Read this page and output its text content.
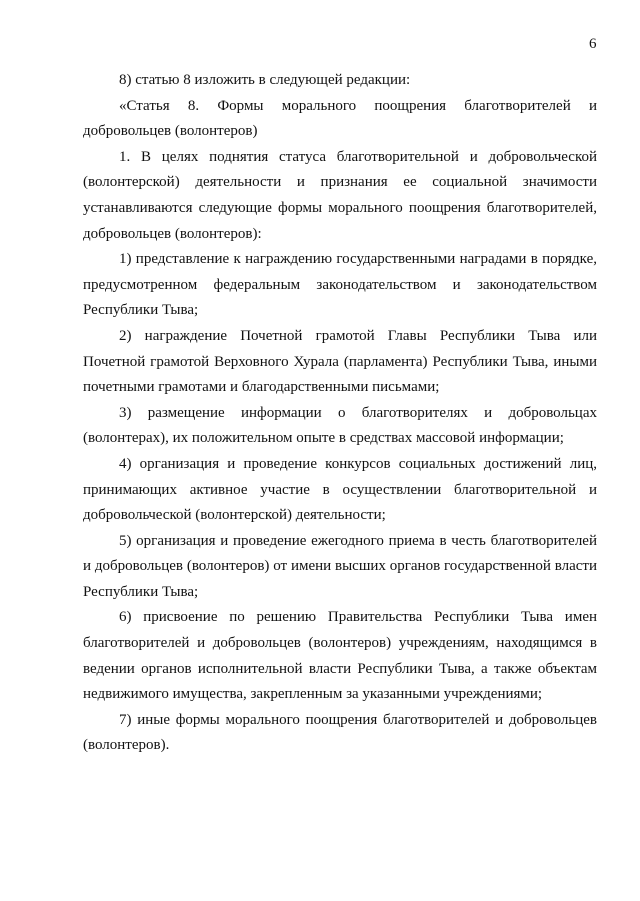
6

8) статью 8 изложить в следующей редакции:

«Статья 8. Формы морального поощрения благотворителей и добровольцев (волонтеров)

1. В целях поднятия статуса благотворительной и добровольческой (волонтерской) деятельности и признания ее социальной значимости устанавливаются следующие формы морального поощрения благотворителей, добровольцев (волонтеров):

1) представление к награждению государственными наградами в порядке, предусмотренном федеральным законодательством и законодательством Республики Тыва;

2) награждение Почетной грамотой Главы Республики Тыва или Почетной грамотой Верховного Хурала (парламента) Республики Тыва, иными почетными грамотами и благодарственными письмами;

3) размещение информации о благотворителях и добровольцах (волонтерах), их положительном опыте в средствах массовой информации;

4) организация и проведение конкурсов социальных достижений лиц, принимающих активное участие в осуществлении благотворительной и добровольческой (волонтерской) деятельности;

5) организация и проведение ежегодного приема в честь благотворителей и добровольцев (волонтеров) от имени высших органов государственной власти Республики Тыва;

6) присвоение по решению Правительства Республики Тыва имен благотворителей и добровольцев (волонтеров) учреждениям, находящимся в ведении органов исполнительной власти Республики Тыва, а также объектам недвижимого имущества, закрепленным за указанными учреждениями;

7) иные формы морального поощрения благотворителей и добровольцев (волонтеров).
